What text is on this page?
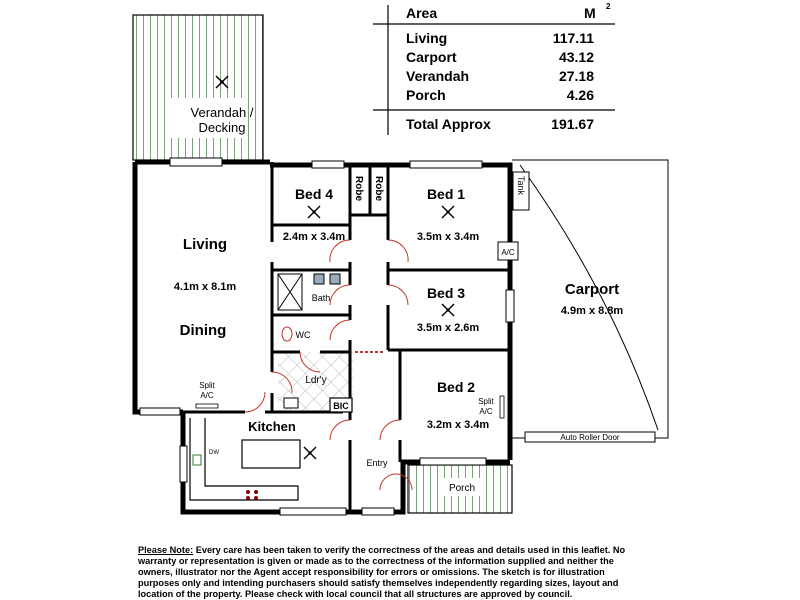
Verandah /
Decking
Porch
Auto Roller Door
DW
Tank
A/C
Living
4.1m x 8.1m
Dining
Bed 4
2.4m x 3.4m
Robe Robe	Bed 1
3.5m x 3.4m
Bath
WC
Bed 3
3.5m x 2.6m
Carport
4.9m x 8.8m
Split
A/C
Ldr'y
BIC
Bed 2
Split
A/C
3.2m x 3.4m
Kitchen
Entry
Area	M 2
Living	117.11
Carport	43.12
Verandah	27.18
Porch	4.26
Total Approx	191.67
Please Note: Every care has been taken to verify the correctness of the areas and details used in this leaflet. No warranty or representation is given or made as to the correctness of the information supplied and neither the owners, illustrator nor the Agent accept responsibility for errors or omissions. The sketch is for illustration purposes only and intending purchasers should satisfy themselves independently regarding sizes, layout and location of the property. Please check with local council that all structures are approved by council.
